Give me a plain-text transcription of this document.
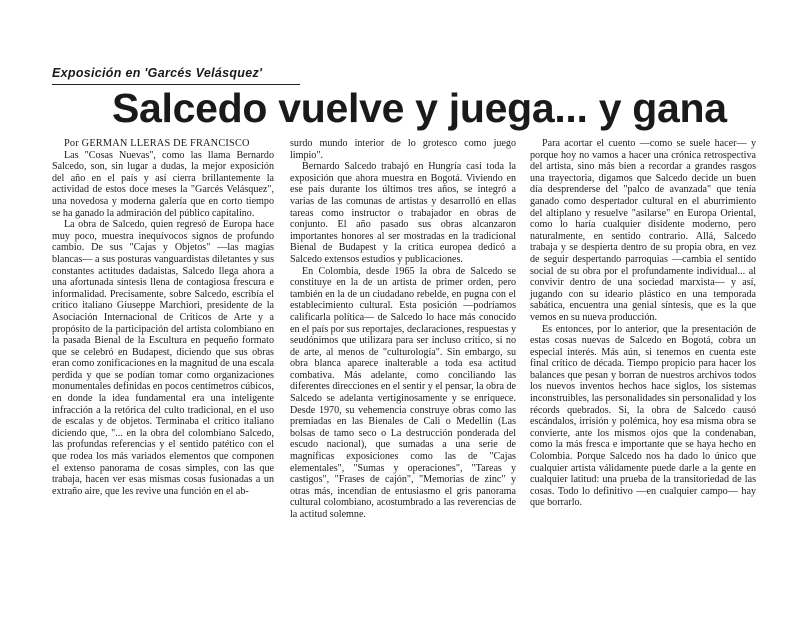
Exposición en 'Garcés Velásquez'
Salcedo vuelve y juega... y gana

Por GERMAN LLERAS DE FRANCISCO

Las "Cosas Nuevas", como las llama Bernardo Salcedo, son, sin lugar a dudas, la mejor exposición del año en el país y así cierra brillantemente la actividad de estos doce meses la "Garcés Velásquez", una novedosa y moderna galería que en corto tiempo se ha ganado la admiración del público capitalino.

La obra de Salcedo, quien regresó de Europa hace muy poco, muestra inequívocos signos de profundo cambio. De sus "Cajas y Objetos" —las magias blancas— a sus posturas vanguardistas diletantes y sus constantes actitudes dadaistas, Salcedo llega ahora a una afortunada síntesis llena de contagiosa frescura e informalidad. Precisamente, sobre Salcedo, escribía el crítico italiano Giuseppe Marchiori, presidente de la Asociación Internacional de Críticos de Arte y a propósito de la participación del artista colombiano en la pasada Bienal de la Escultura en pequeño formato que se celebró en Budapest, diciendo que sus obras eran como zonificaciones en la magnitud de una escala perdida y que se podían tomar como organizaciones monumentales definidas en pocos centímetros cúbicos, en donde la idea fundamental era una inteligente infracción a la retórica del culto tradicional, en el uso de escalas y de objetos. Terminaba el crítico italiano diciendo que, "... en la obra del colombiano Salcedo, las profundas referencias y el sentido patético con el que rodea los más variados elementos que componen el extenso panorama de cosas simples, con las que trabaja, hacen ver esas mismas cosas fusionadas a un extraño aire, que les revive una función en el ab-

surdo mundo interior de lo grotesco como juego limpio".

Bernardo Salcedo trabajó en Hungría casi toda la exposición que ahora muestra en Bogotá. Viviendo en ese país durante los últimos tres años, se integró a varias de las comunas de artistas y desarrolló en ellas tareas como instructor o trabajador en obras de conjunto. El año pasado sus obras alcanzaron importantes honores al ser mostradas en la tradicional Bienal de Budapest y la crítica europea dedicó a Salcedo extensos estudios y publicaciones.

En Colombia, desde 1965 la obra de Salcedo se constituye en la de un artista de primer orden, pero también en la de un ciudadano rebelde, en pugna con el establecimiento cultural. Esta posición —podríamos calificarla política— de Salcedo lo hace más conocido en el país por sus reportajes, declaraciones, respuestas y seudónimos que utilizara para ser incluso crítico, si no de arte, al menos de "culturología". Sin embargo, su obra blanca aparece inalterable a toda esa actitud combativa. Más adelante, como conciliando las diferentes direcciones en el sentir y el pensar, la obra de Salcedo se adelanta vertiginosamente y se enriquece. Desde 1970, su vehemencia construye obras como las premiadas en las Bienales de Cali o Medellín (Las bolsas de tamo seco o La destrucción ponderada del escudo nacional), que sumadas a una serie de magníficas exposiciones como las de "Cajas elementales", "Sumas y operaciones", "Tareas y castigos", "Frases de cajón", "Memorias de zinc" y otras más, incendian de entusiasmo el gris panorama cultural colombiano, acostumbrado a las reverencias de la actitud solemne.

Para acortar el cuento —como se suele hacer— y porque hoy no vamos a hacer una crónica retrospectiva del artista, sino más bien a recordar a grandes rasgos una trayectoria, digamos que Salcedo decide un buen día desprenderse del "palco de avanzada" que tenía ganado como despertador cultural en el aburrimiento del altiplano y resuelve "asilarse" en Europa Oriental, como lo haría cualquier disidente moderno, pero naturalmente, en sentido contrario. Allá, Salcedo trabaja y se despierta dentro de su propia obra, en vez de seguir despertando parroquias —cambia el sentido social de su obra por el profundamente individual... al convivir dentro de una sociedad marxista— y así, jugando con su ideario plástico en una temporada sabática, encuentra una genial síntesis, que es la que vemos en su nueva producción.

Es entonces, por lo anterior, que la presentación de estas cosas nuevas de Salcedo en Bogotá, cobra un especial interés. Más aún, si tenemos en cuenta este final crítico de década. Tiempo propicio para hacer los balances que pesan y borran de nuestros archivos todos los nuevos inventos hechos hace siglos, los sistemas inconstruibles, las personalidades sin personalidad y los récords quebrados. Si, la obra de Salcedo causó escándalos, irrisión y polémica, hoy esa misma obra se convierte, ante los mismos ojos que la condenaban, como la más fresca e importante que se haya hecho en Colombia. Porque Salcedo nos ha dado lo único que cualquier artista válidamente puede darle a la gente en cualquier latitud: una prueba de la transitoriedad de las cosas. Todo lo definitivo —en cualquier campo— hay que borrarlo.
